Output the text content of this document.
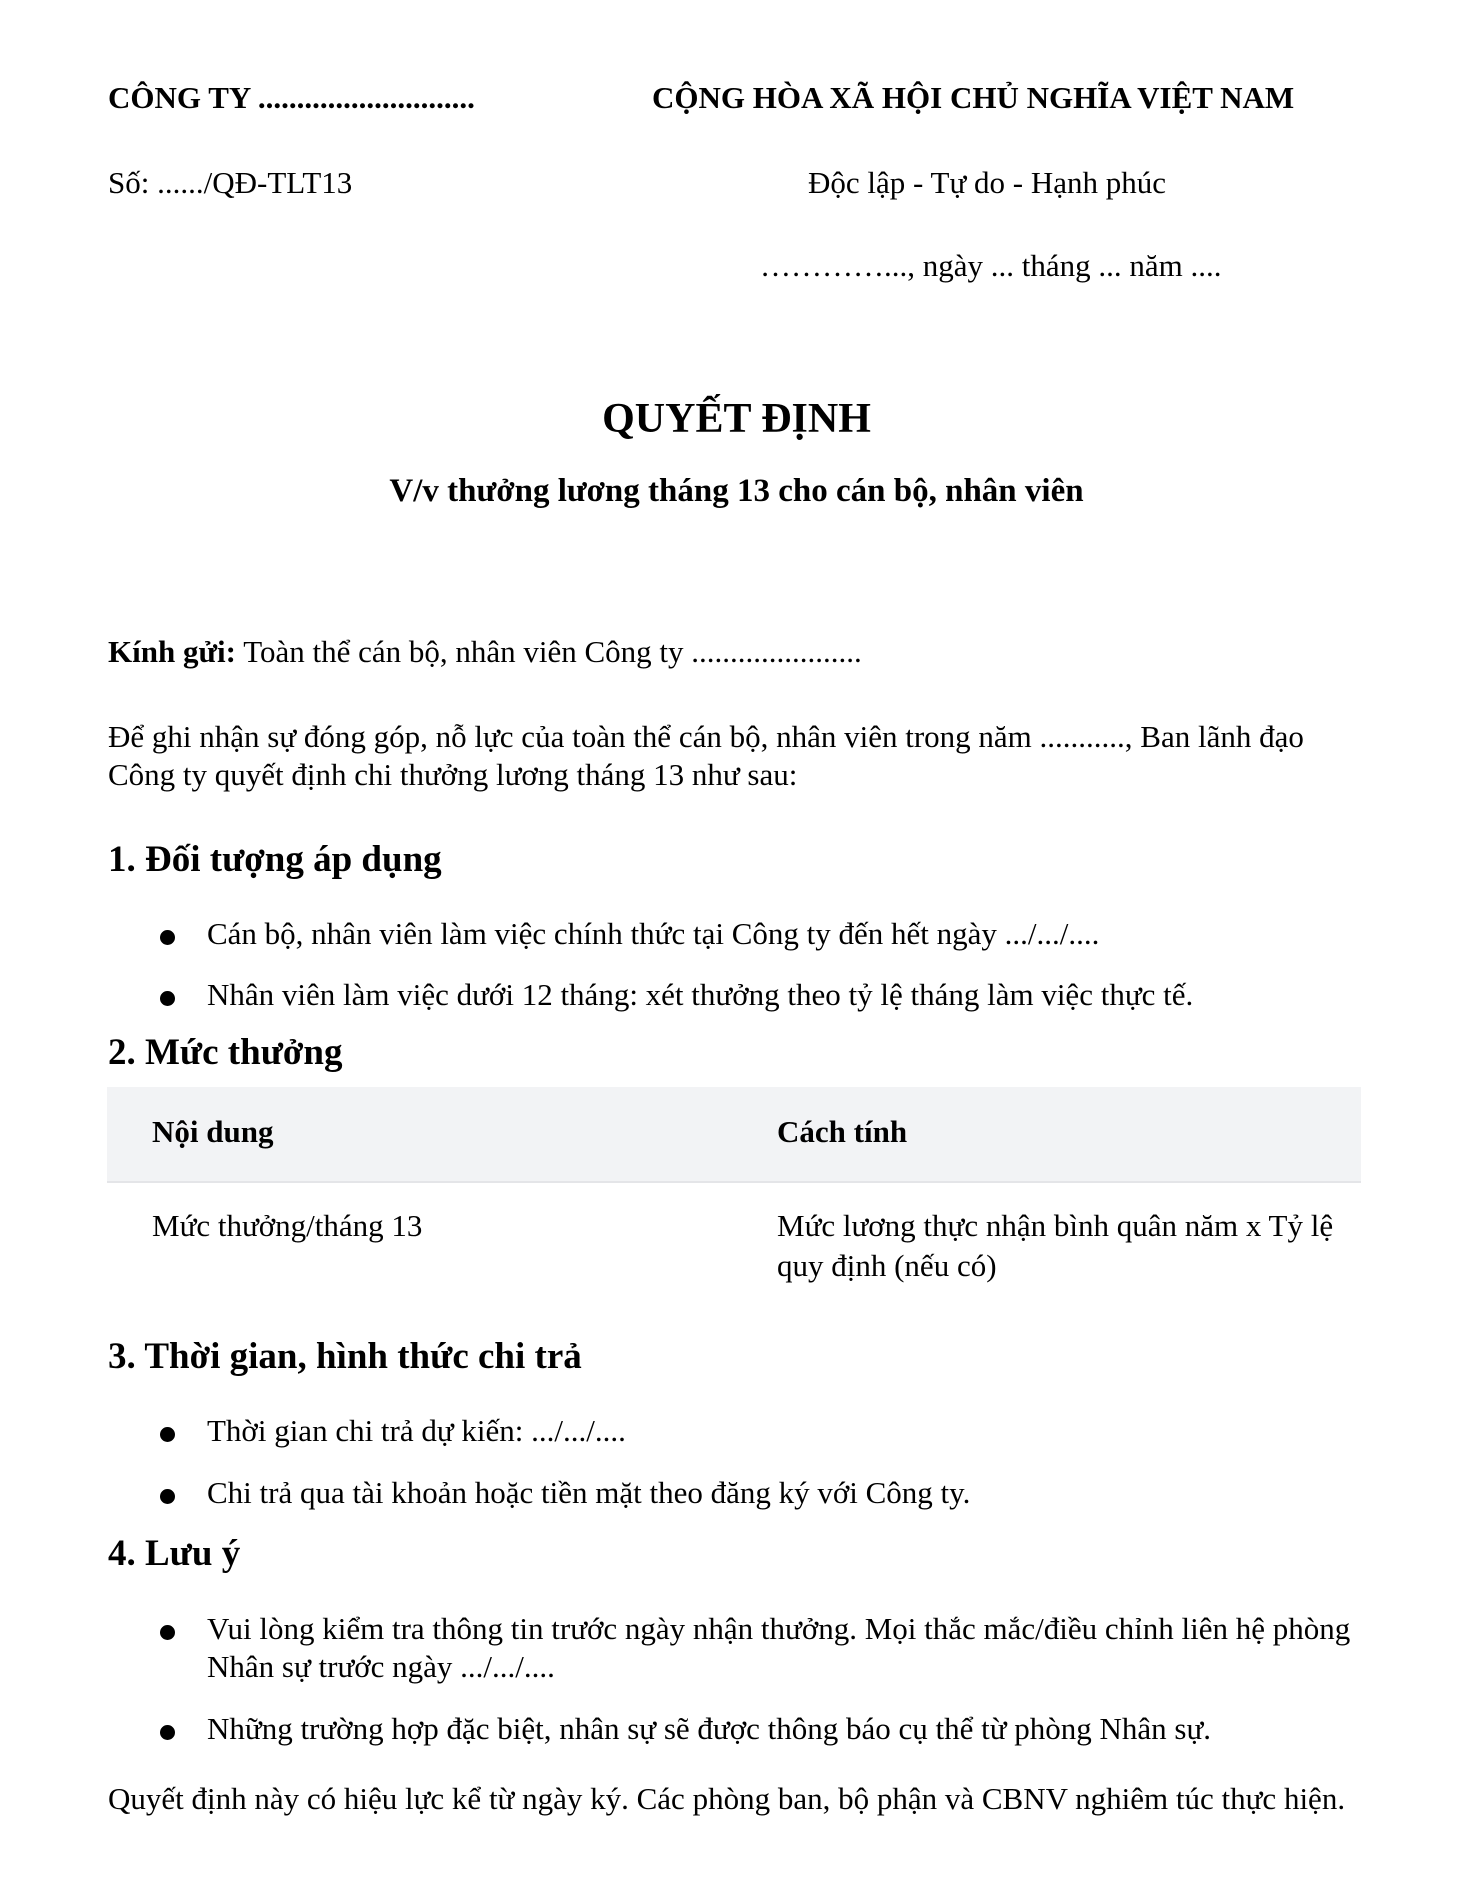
CÔNG TY ............................
Số: ....../QĐ-TLT13
CỘNG HÒA XÃ HỘI CHỦ NGHĨA VIỆT NAM
Độc lập - Tự do - Hạnh phúc
…………..., ngày ... tháng ... năm ....
QUYẾT ĐỊNH
V/v thưởng lương tháng 13 cho cán bộ, nhân viên
Kính gửi: Toàn thể cán bộ, nhân viên Công ty ......................
Để ghi nhận sự đóng góp, nỗ lực của toàn thể cán bộ, nhân viên trong năm ..........., Ban lãnh đạo Công ty quyết định chi thưởng lương tháng 13 như sau:
1. Đối tượng áp dụng
Cán bộ, nhân viên làm việc chính thức tại Công ty đến hết ngày .../.../....
Nhân viên làm việc dưới 12 tháng: xét thưởng theo tỷ lệ tháng làm việc thực tế.
2. Mức thưởng
Nội dung	Cách tính
Mức thưởng/tháng 13	Mức lương thực nhận bình quân năm x Tỷ lệ quy định (nếu có)
3. Thời gian, hình thức chi trả
Thời gian chi trả dự kiến: .../.../....
Chi trả qua tài khoản hoặc tiền mặt theo đăng ký với Công ty.
4. Lưu ý
Vui lòng kiểm tra thông tin trước ngày nhận thưởng. Mọi thắc mắc/điều chỉnh liên hệ phòng Nhân sự trước ngày .../.../....
Những trường hợp đặc biệt, nhân sự sẽ được thông báo cụ thể từ phòng Nhân sự.
Quyết định này có hiệu lực kể từ ngày ký. Các phòng ban, bộ phận và CBNV nghiêm túc thực hiện.
